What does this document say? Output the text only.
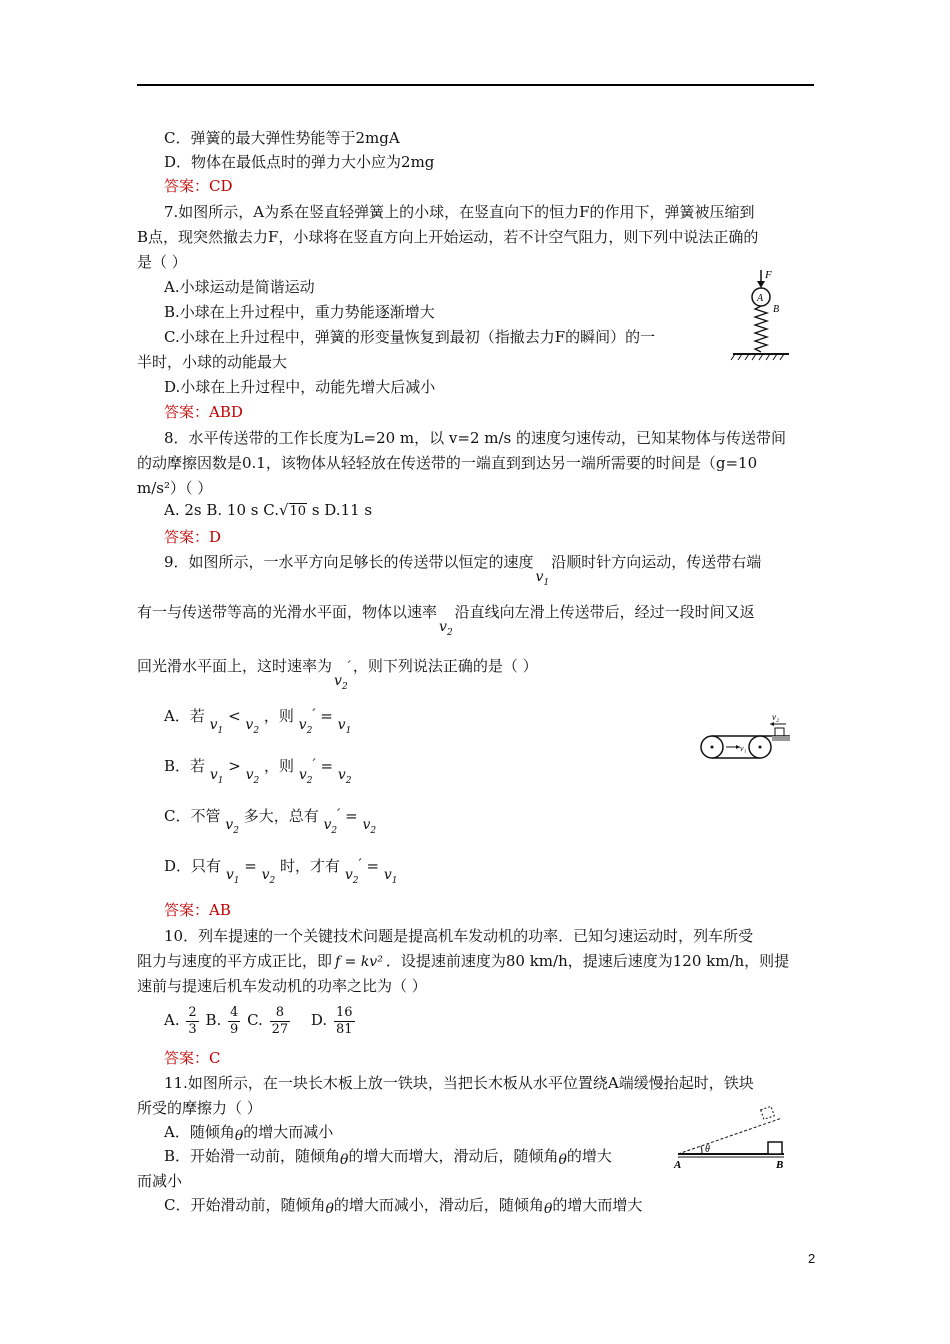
C．弹簧的最大弹性势能等于2mgA
D．物体在最低点时的弹力大小应为2mg
答案：CD
7.如图所示，A为系在竖直轻弹簧上的小球，在竖直向下的恒力F的作用下，弹簧被压缩到
B点，现突然撤去力F，小球将在竖直方向上开始运动，若不计空气阻力，则下列中说法正确的
是（ ）
A.小球运动是简谐运动
B.小球在上升过程中，重力势能逐渐增大
C.小球在上升过程中，弹簧的形变量恢复到最初（指撤去力F的瞬间）的一
半时，小球的动能最大
D.小球在上升过程中，动能先增大后减小
答案：ABD
F
A
B
8．水平传送带的工作长度为L=20 m，以 v=2 m/s 的速度匀速传动，已知某物体与传送带间
的动摩擦因数是0.1，该物体从轻轻放在传送带的一端直到到达另一端所需要的时间是（g=10
m/s²）（ ）
A. 2s B. 10 s C.√10 s D.11 s
答案：D
9．如图所示，一水平方向足够长的传送带以恒定的速度$v_1$沿顺时针方向运动，传送带右端
有一与传送带等高的光滑水平面，物体以速率$v_2$沿直线向左滑上传送带后，经过一段时间又返
回光滑水平面上，这时速率为$v_2'$ ，则下列说法正确的是（ ）
A．若 $v_1 < v_2$ ，则 $v_2' = v_1$
B．若 $v_1 > v_2$ ，则 $v_2' = v_2$
C．不管 $v_2$ 多大，总有 $v_2' = v_2$
D．只有 $v_1 = v_2$ 时，才有 $v_2' = v_1$
答案：AB
v₂
v₁
10．列车提速的一个关键技术问题是提高机车发动机的功率．已知匀速运动时，列车所受
阻力与速度的平方成正比，即 f = kv² ．设提速前速度为80 km/h，提速后速度为120 km/h，则提
速前与提速后机车发动机的功率之比为（ ）
A. $\frac{2}{3} B$. $\frac{4}{9} C$. $\frac{8}{27} D$. $\frac{16}{81}$
答案：C
11.如图所示，在一块长木板上放一铁块，当把长木板从水平位置绕A端缓慢抬起时，铁块
所受的摩擦力（ ）
A．随倾角θ的增大而减小
B．开始滑一动前，随倾角θ的增大而增大，滑动后，随倾角θ的增大
而减小
C．开始滑动前，随倾角θ的增大而减小，滑动后，随倾角θ的增大而增大
θ
A	B
2
